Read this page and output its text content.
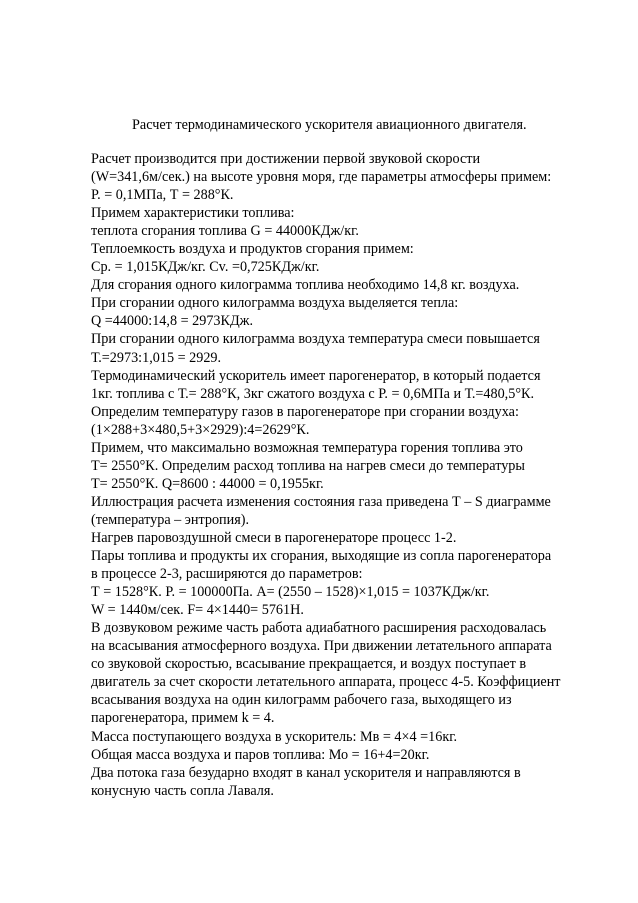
Расчет термодинамического ускорителя авиационного двигателя.
Расчет производится при достижении первой звуковой скорости
(W=341,6м/сек.) на высоте уровня моря, где параметры атмосферы примем:
Р. = 0,1МПа, Т = 288°К.
Примем характеристики топлива:
теплота сгорания топлива G = 44000КДж/кг.
Теплоемкость воздуха и продуктов сгорания примем:
Ср. = 1,015КДж/кг. Сv. =0,725КДж/кг.
Для сгорания одного килограмма топлива необходимо 14,8 кг. воздуха.
При сгорании одного килограмма воздуха выделяется тепла:
Q =44000:14,8 = 2973КДж.
При сгорании одного килограмма воздуха температура смеси повышается
Т.=2973:1,015 = 2929.
Термодинамический ускоритель имеет парогенератор, в который подается
1кг. топлива с Т.= 288°К, 3кг сжатого воздуха с Р. = 0,6МПа и Т.=480,5°К.
Определим температуру газов в парогенераторе при сгорании воздуха:
(1×288+3×480,5+3×2929):4=2629°К.
Примем, что максимально возможная температура горения топлива это
Т= 2550°К. Определим расход топлива на нагрев смеси до температуры
Т= 2550°К. Q=8600 : 44000 = 0,1955кг.
Иллюстрация расчета изменения состояния газа приведена Т – S диаграмме
(температура – энтропия).
Нагрев паровоздушной смеси в парогенераторе процесс 1-2.
Пары топлива и продукты их сгорания, выходящие из сопла парогенератора
в процессе 2-3, расширяются до параметров:
Т = 1528°К. Р. = 100000Па. А= (2550 – 1528)×1,015 = 1037КДж/кг.
W = 1440м/сек. F= 4×1440= 5761Н.
В дозвуковом режиме часть работа адиабатного расширения расходовалась
на всасывания атмосферного воздуха. При движении летательного аппарата
со звуковой скоростью, всасывание прекращается, и воздух поступает в
двигатель за счет скорости летательного аппарата, процесс 4-5. Коэффициент
всасывания воздуха на один килограмм рабочего газа, выходящего из
парогенератора, примем k = 4.
Масса поступающего воздуха в ускоритель: Мв = 4×4 =16кг.
Общая масса воздуха и паров топлива: Мо = 16+4=20кг.
Два потока газа безударно входят в канал ускорителя и направляются в
конусную часть сопла Лаваля.
